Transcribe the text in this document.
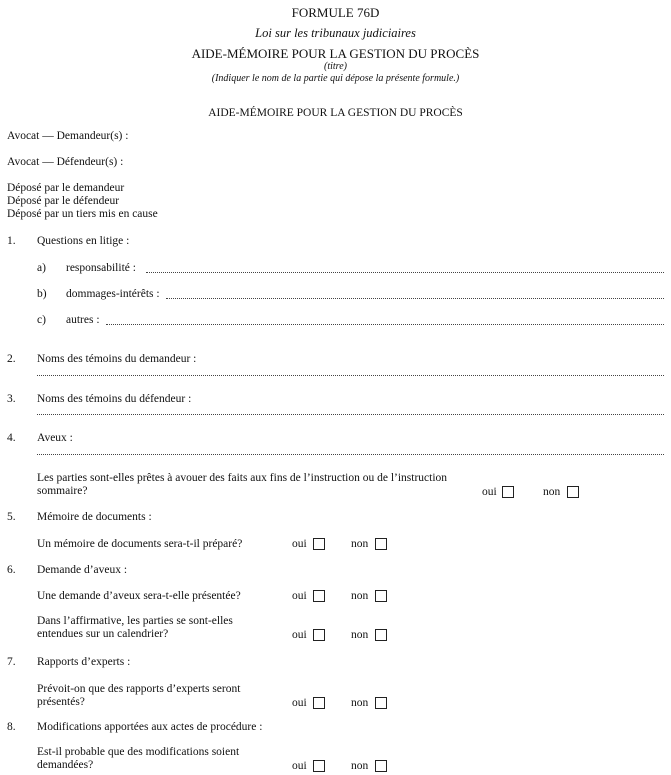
FORMULE 76D
Loi sur les tribunaux judiciaires
AIDE-MÉMOIRE POUR LA GESTION DU PROCÈS
(titre)
(Indiquer le nom de la partie qui dépose la présente formule.)
AIDE-MÉMOIRE POUR LA GESTION DU PROCÈS
Avocat — Demandeur(s) :
Avocat — Défendeur(s) :
Déposé par le demandeur
Déposé par le défendeur
Déposé par un tiers mis en cause
1. Questions en litige :
a) responsabilité :
b) dommages-intérêts :
c) autres :
2. Noms des témoins du demandeur :
3. Noms des témoins du défendeur :
4. Aveux :
Les parties sont-elles prêtes à avouer des faits aux fins de l’instruction ou de l’instruction
sommaire?	oui	non
5. Mémoire de documents :
Un mémoire de documents sera-t-il préparé?	oui	non
6. Demande d’aveux :
Une demande d’aveux sera-t-elle présentée?	oui	non
Dans l’affirmative, les parties se sont-elles
entendues sur un calendrier?	oui	non
7. Rapports d’experts :
Prévoit-on que des rapports d’experts seront
présentés?	oui	non
8. Modifications apportées aux actes de procédure :
Est-il probable que des modifications soient
demandées?	oui	non
